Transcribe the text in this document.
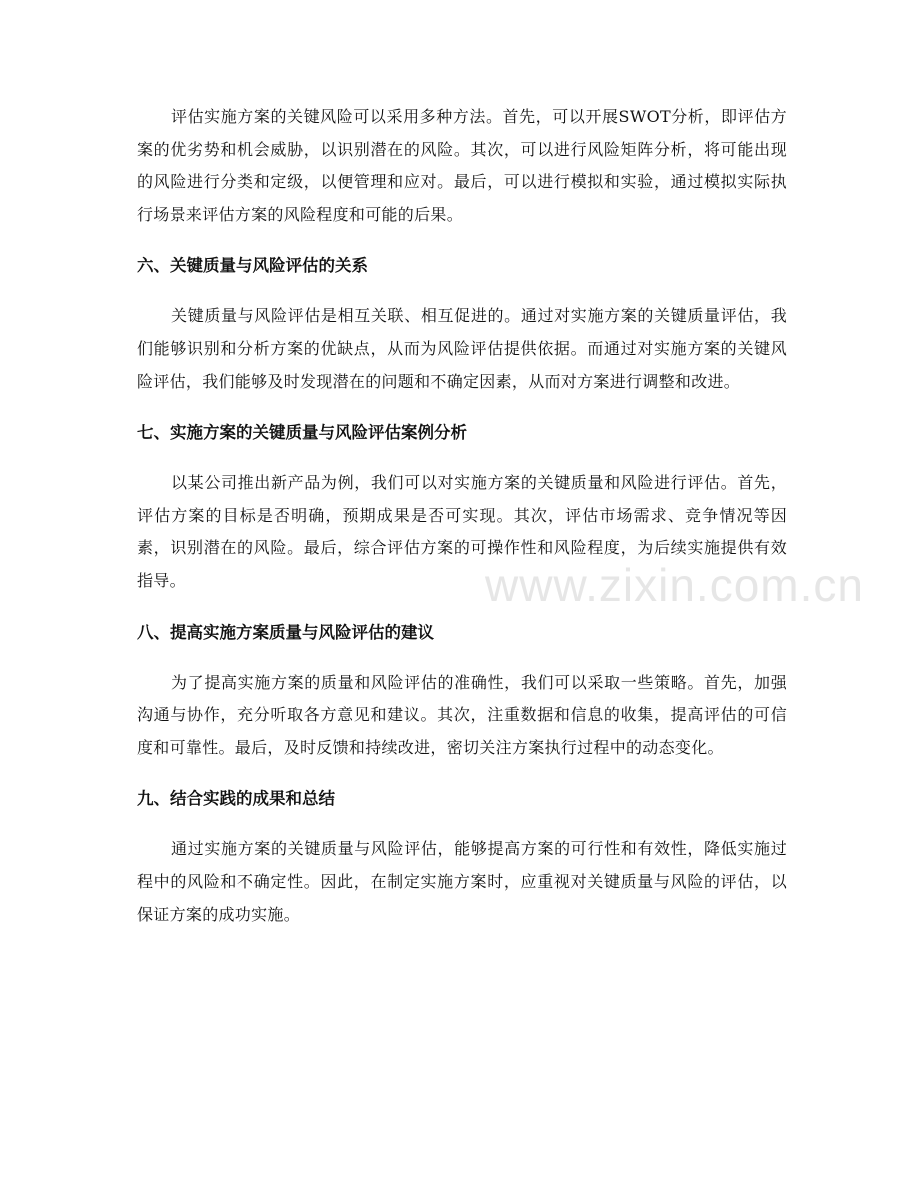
www.zixin.com.cn

评估实施方案的关键风险可以采用多种方法。首先，可以开展SWOT分析，即评估方案的优劣势和机会威胁，以识别潜在的风险。其次，可以进行风险矩阵分析，将可能出现的风险进行分类和定级，以便管理和应对。最后，可以进行模拟和实验，通过模拟实际执行场景来评估方案的风险程度和可能的后果。

六、关键质量与风险评估的关系

关键质量与风险评估是相互关联、相互促进的。通过对实施方案的关键质量评估，我们能够识别和分析方案的优缺点，从而为风险评估提供依据。而通过对实施方案的关键风险评估，我们能够及时发现潜在的问题和不确定因素，从而对方案进行调整和改进。

七、实施方案的关键质量与风险评估案例分析

以某公司推出新产品为例，我们可以对实施方案的关键质量和风险进行评估。首先，评估方案的目标是否明确，预期成果是否可实现。其次，评估市场需求、竞争情况等因素，识别潜在的风险。最后，综合评估方案的可操作性和风险程度，为后续实施提供有效指导。

八、提高实施方案质量与风险评估的建议

为了提高实施方案的质量和风险评估的准确性，我们可以采取一些策略。首先，加强沟通与协作，充分听取各方意见和建议。其次，注重数据和信息的收集，提高评估的可信度和可靠性。最后，及时反馈和持续改进，密切关注方案执行过程中的动态变化。

九、结合实践的成果和总结

通过实施方案的关键质量与风险评估，能够提高方案的可行性和有效性，降低实施过程中的风险和不确定性。因此，在制定实施方案时，应重视对关键质量与风险的评估，以保证方案的成功实施。
